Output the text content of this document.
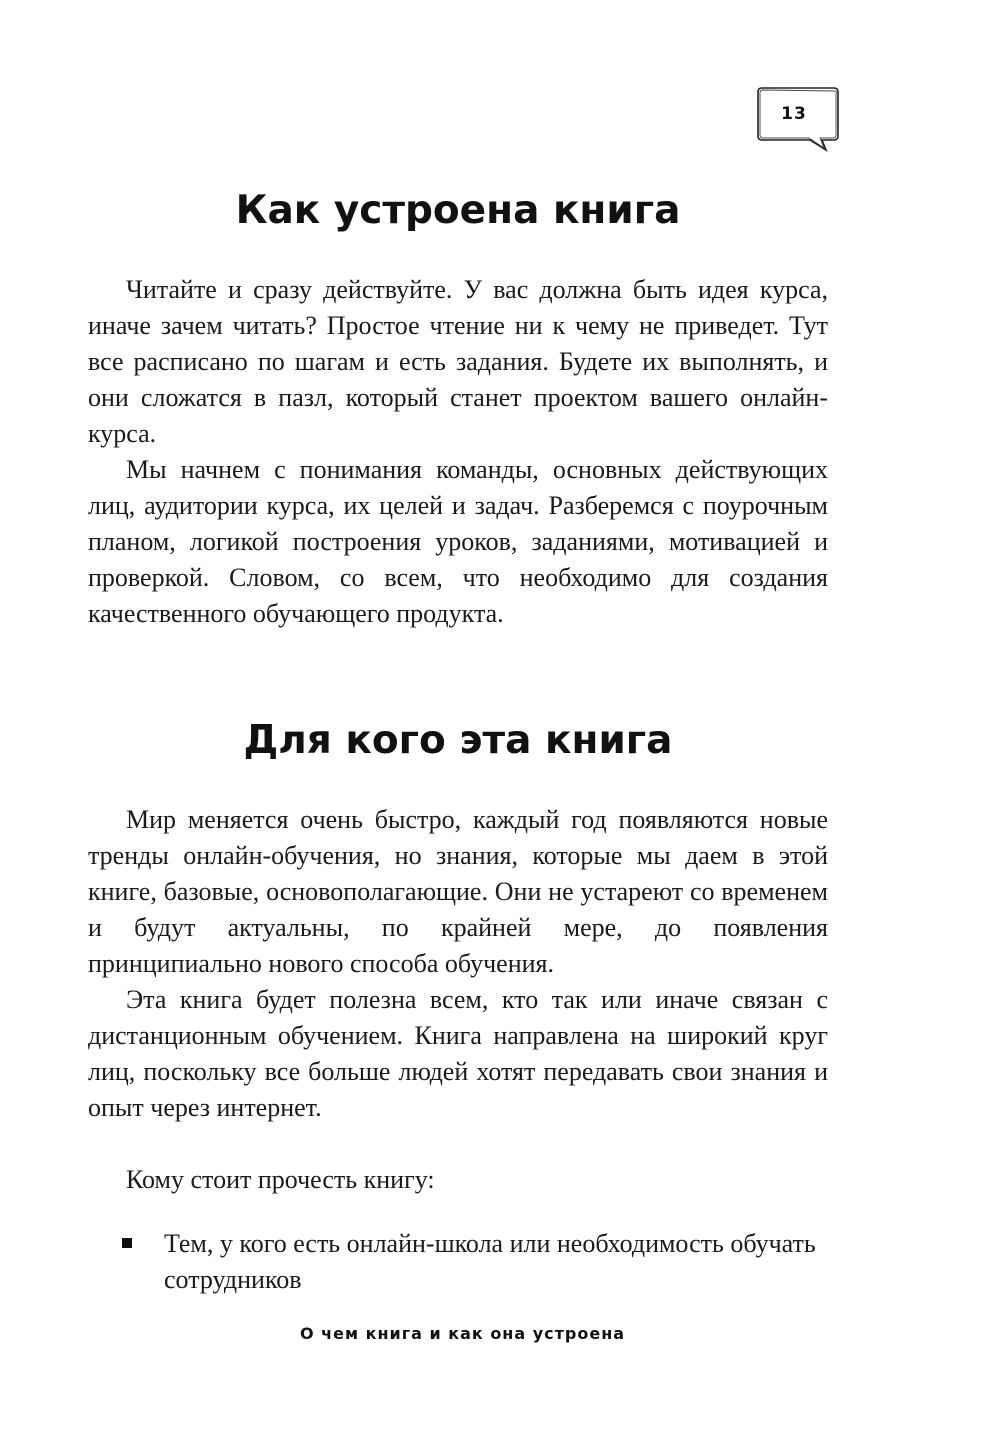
13
Как устроена книга

Читайте и сразу действуйте. У вас должна быть идея курса, иначе зачем читать? Простое чтение ни к чему не приведет. Тут все расписано по шагам и есть задания. Будете их выполнять, и они сложатся в пазл, который станет проектом вашего онлайн-курса.

Мы начнем с понимания команды, основных действующих лиц, аудитории курса, их целей и задач. Разберемся с поурочным планом, логикой построения уроков, заданиями, мотивацией и проверкой. Словом, со всем, что необходимо для создания качественного обучающего продукта.

Для кого эта книга

Мир меняется очень быстро, каждый год появляются новые тренды онлайн-обучения, но знания, которые мы даем в этой книге, базовые, основополагающие. Они не устареют со временем и будут актуальны, по крайней мере, до появления принципиально нового способа обучения.

Эта книга будет полезна всем, кто так или иначе связан с дистанционным обучением. Книга направлена на широкий круг лиц, поскольку все больше людей хотят передавать свои знания и опыт через интернет.

Кому стоит прочесть книгу:

Тем, у кого есть онлайн-школа или необходимость обучать сотрудников
О чем книга и как она устроена
